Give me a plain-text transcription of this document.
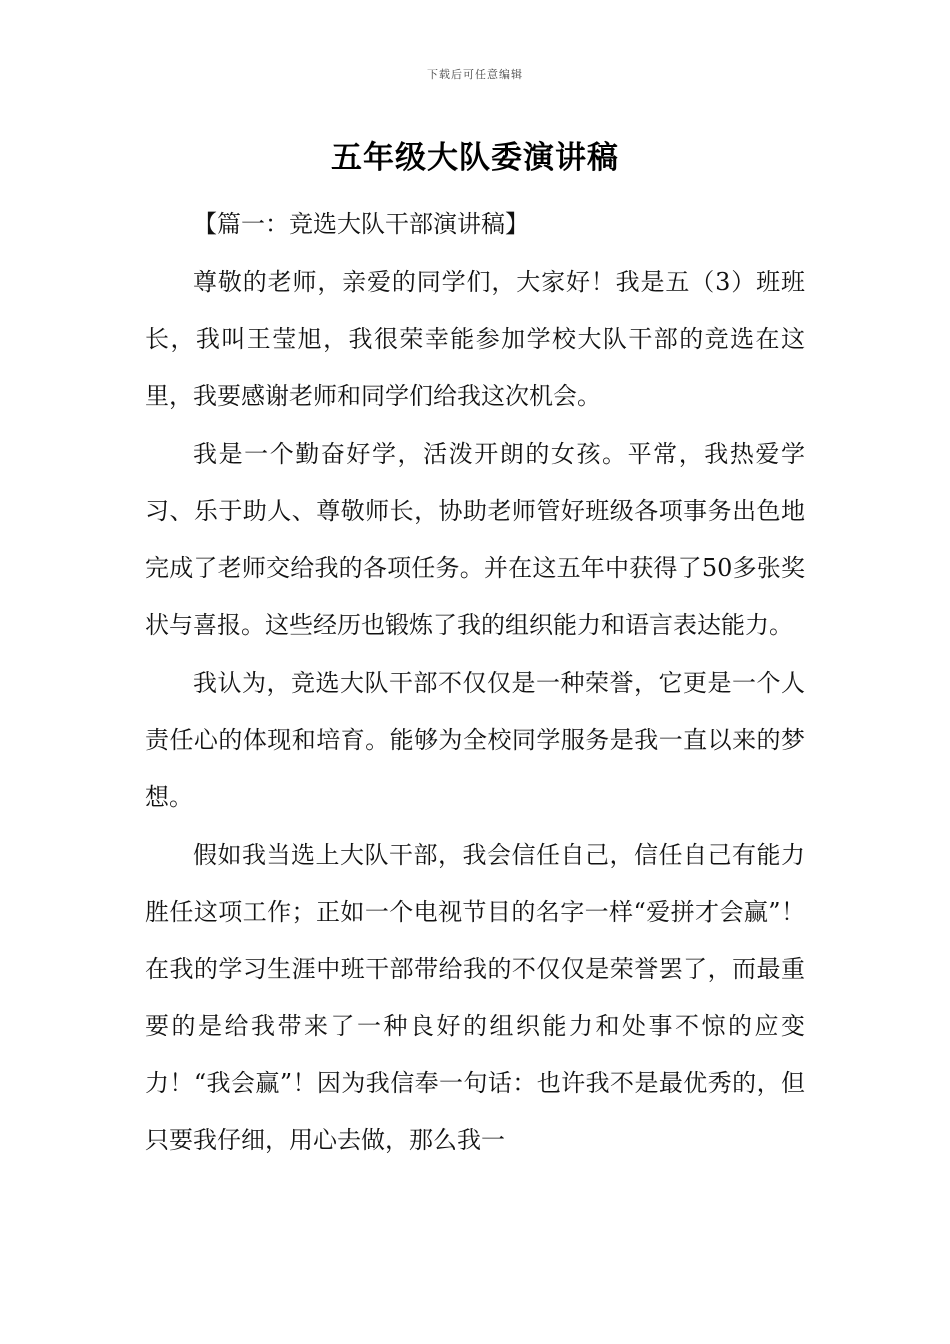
下载后可任意编辑
五年级大队委演讲稿

【篇一：竞选大队干部演讲稿】

尊敬的老师，亲爱的同学们，大家好！我是五（3）班班长，我叫王莹旭，我很荣幸能参加学校大队干部的竞选在这里，我要感谢老师和同学们给我这次机会。

我是一个勤奋好学，活泼开朗的女孩。平常，我热爱学习、乐于助人、尊敬师长，协助老师管好班级各项事务出色地完成了老师交给我的各项任务。并在这五年中获得了50多张奖状与喜报。这些经历也锻炼了我的组织能力和语言表达能力。

我认为，竞选大队干部不仅仅是一种荣誉，它更是一个人责任心的体现和培育。能够为全校同学服务是我一直以来的梦想。

假如我当选上大队干部，我会信任自己，信任自己有能力胜任这项工作；正如一个电视节目的名字一样“爱拼才会赢”！在我的学习生涯中班干部带给我的不仅仅是荣誉罢了，而最重要的是给我带来了一种良好的组织能力和处事不惊的应变力！“我会赢”！因为我信奉一句话：也许我不是最优秀的，但只要我仔细，用心去做，那么我一
